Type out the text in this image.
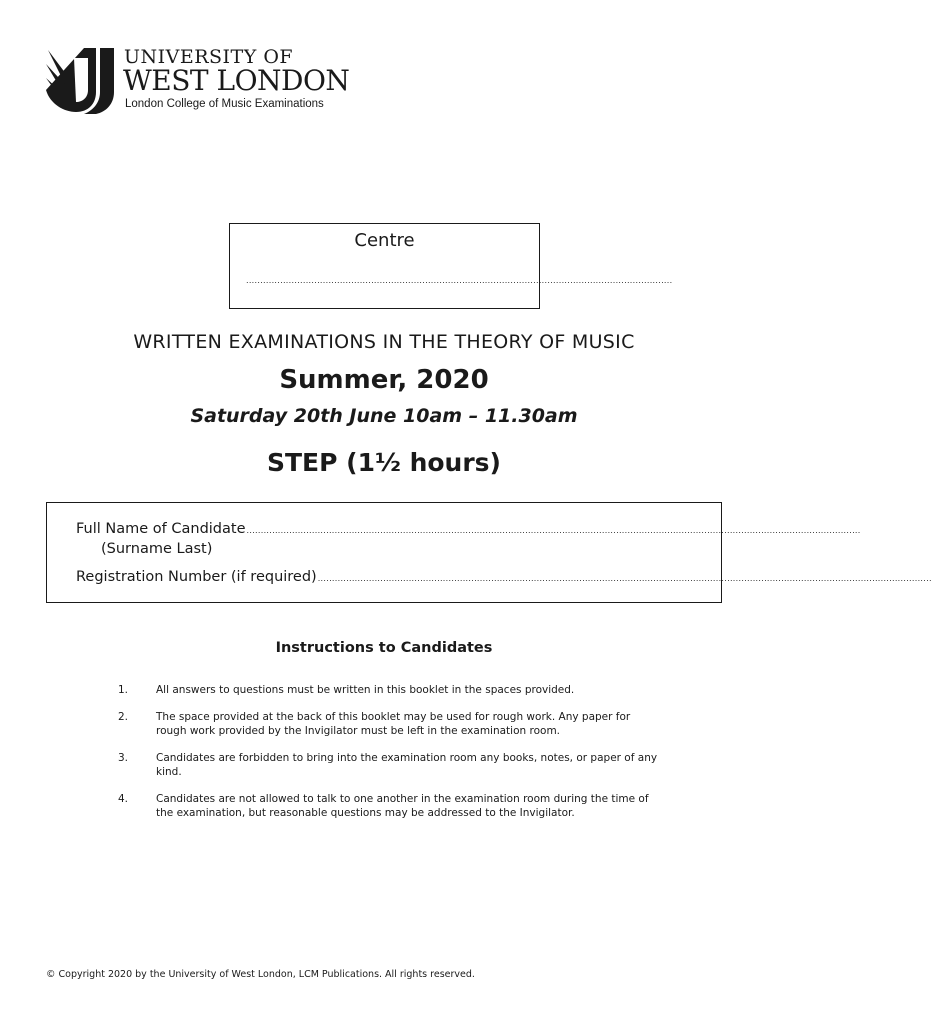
UNIVERSITY OF
WEST LONDON
London College of Music Examinations
Centre
......................................................................................................................................................
WRITTEN EXAMINATIONS IN THE THEORY OF MUSIC
Summer, 2020
Saturday 20th June 10am – 11.30am
STEP (1½ hours)
Full Name of Candidate ........................................................................................................................................................................................................................
(Surname Last)
Registration Number (if required) ........................................................................................................................................................................................................................
Instructions to Candidates
1.	All answers to questions must be written in this booklet in the spaces provided.
2.	The space provided at the back of this booklet may be used for rough work. Any paper for rough work provided by the Invigilator must be left in the examination room.
3.	Candidates are forbidden to bring into the examination room any books, notes, or paper of any kind.
4.	Candidates are not allowed to talk to one another in the examination room during the time of the examination, but reasonable questions may be addressed to the Invigilator.
© Copyright 2020 by the University of West London, LCM Publications. All rights reserved.
